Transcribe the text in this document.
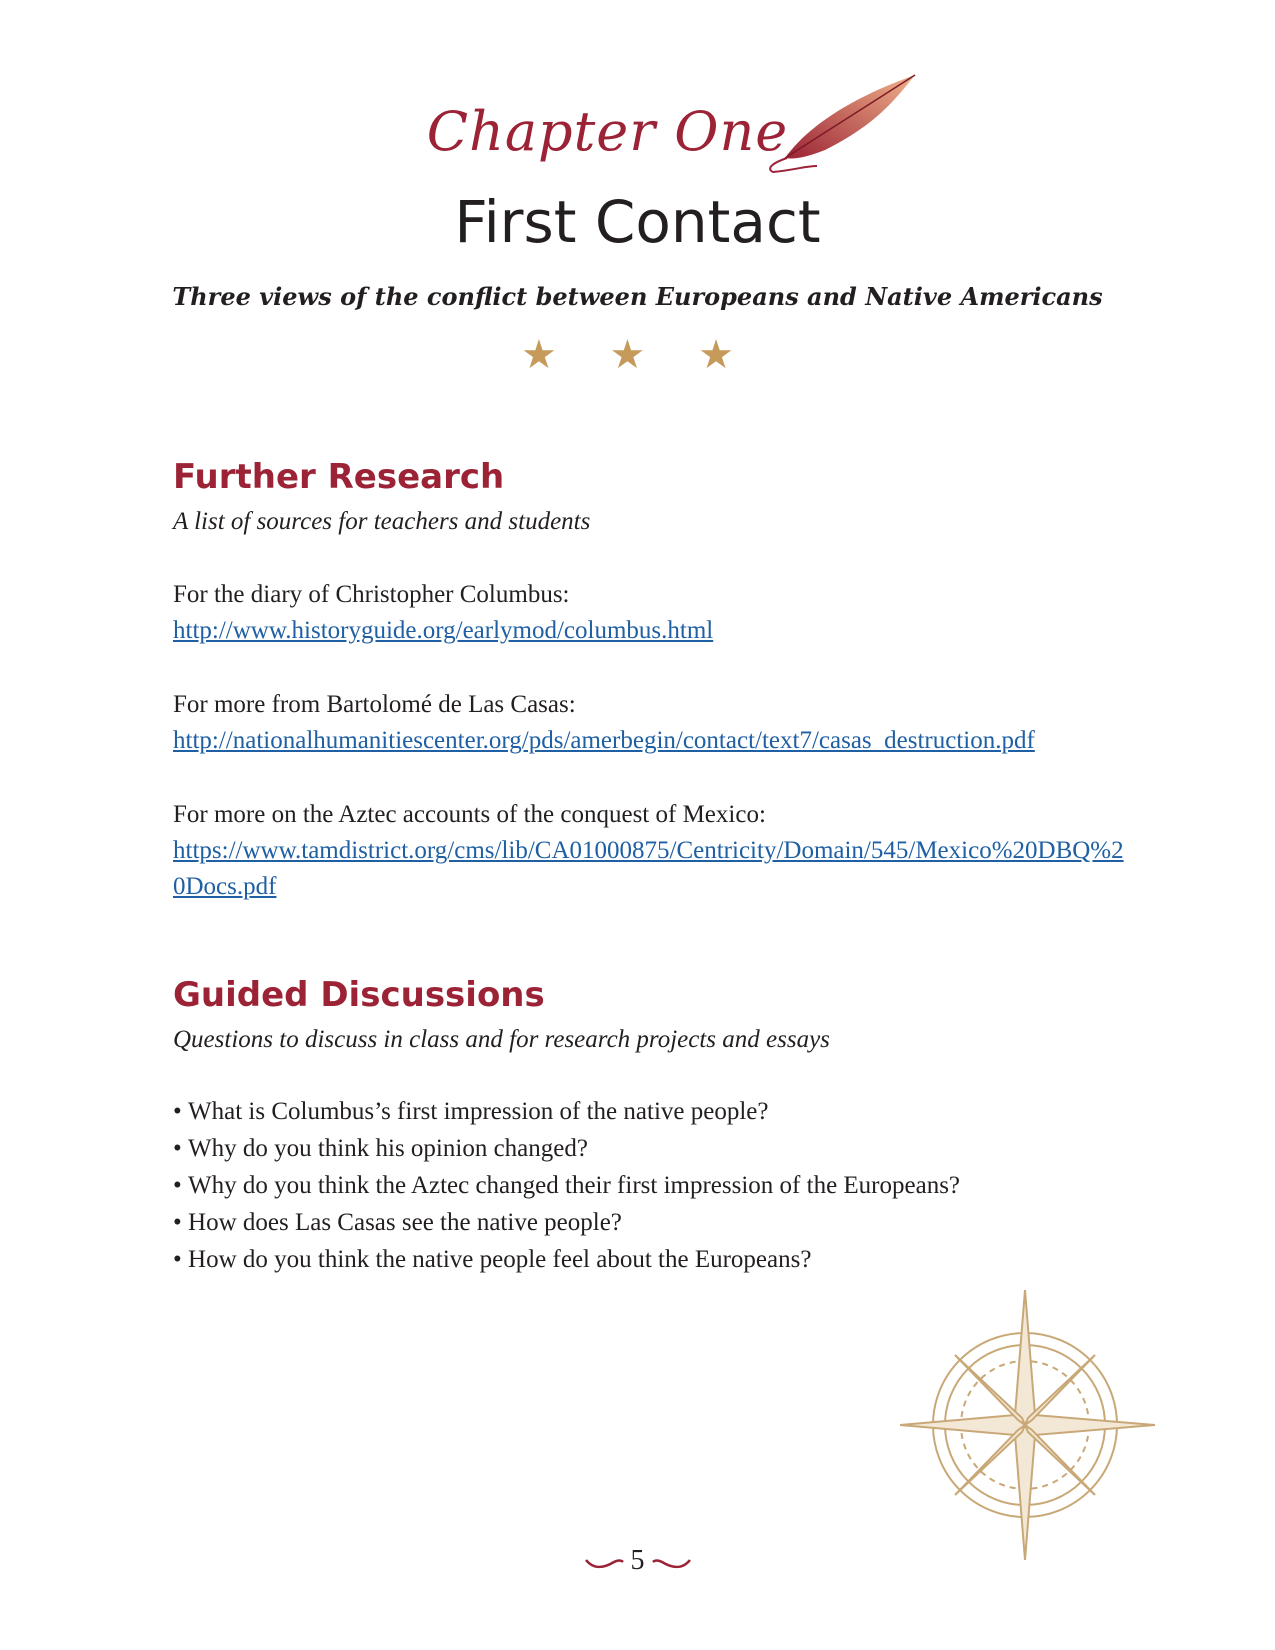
Chapter One
First Contact
Three views of the conflict between Europeans and Native Americans
★ ★ ★
Further Research

A list of sources for teachers and students

For the diary of Christopher Columbus:

http://www.historyguide.org/earlymod/columbus.html

For more from Bartolomé de Las Casas:

http://nationalhumanitiescenter.org/pds/amerbegin/contact/text7/casas_destruction.pdf

For more on the Aztec accounts of the conquest of Mexico:

https://www.tamdistrict.org/cms/lib/CA01000875/Centricity/Domain/545/Mexico%20DBQ%20Docs.pdf
Guided Discussions

Questions to discuss in class and for research projects and essays

• What is Columbus’s first impression of the native people?
• Why do you think his opinion changed?
• Why do you think the Aztec changed their first impression of the Europeans?
• How does Las Casas see the native people?
• How do you think the native people feel about the Europeans?
5
